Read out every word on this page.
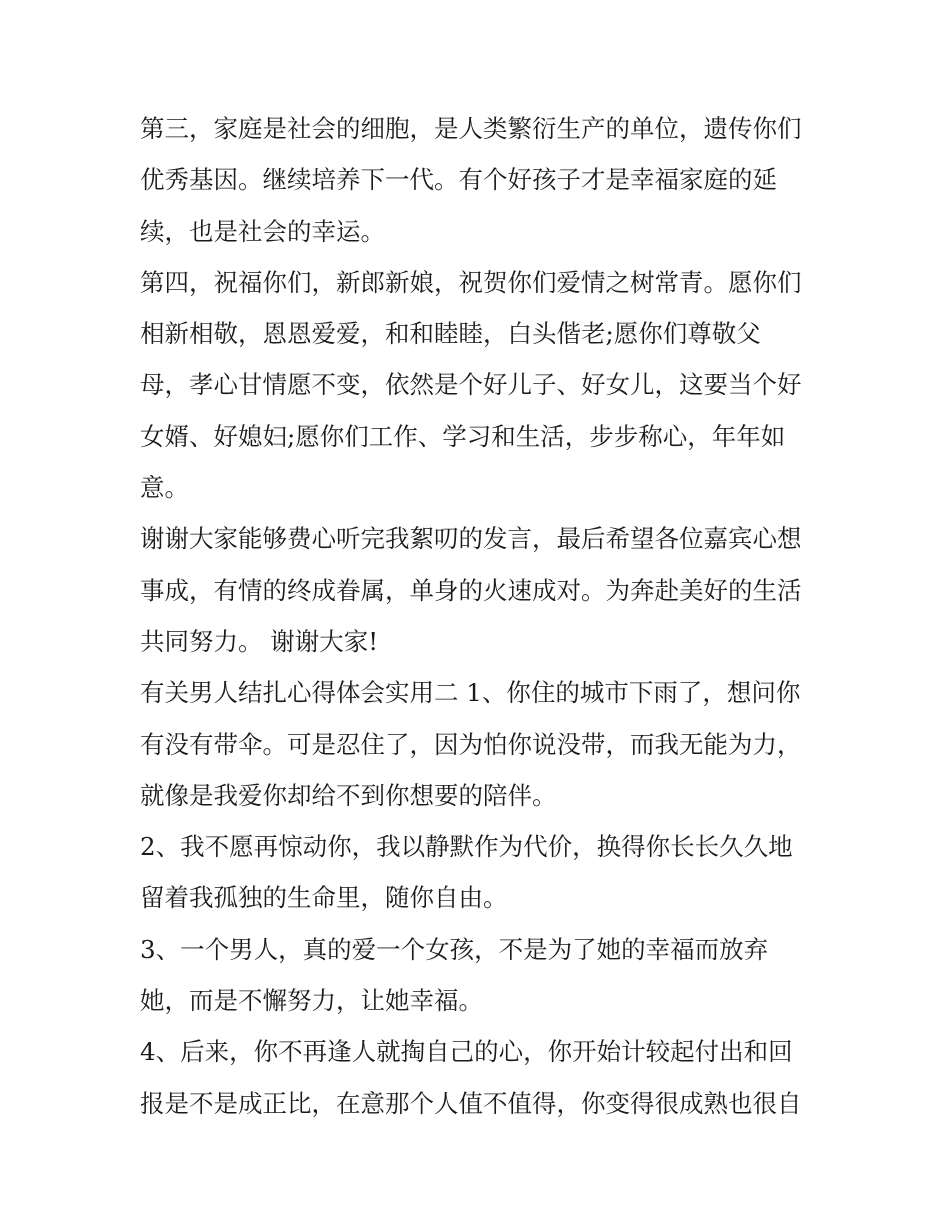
第三，家庭是社会的细胞，是人类繁衍生产的单位，遗传你们
优秀基因。继续培养下一代。有个好孩子才是幸福家庭的延
续，也是社会的幸运。

第四，祝福你们，新郎新娘，祝贺你们爱情之树常青。愿你们
相新相敬，恩恩爱爱，和和睦睦，白头偕老;愿你们尊敬父
母，孝心甘情愿不变，依然是个好儿子、好女儿，这要当个好
女婿、好媳妇;愿你们工作、学习和生活，步步称心，年年如
意。

谢谢大家能够费心听完我絮叨的发言，最后希望各位嘉宾心想
事成，有情的终成眷属，单身的火速成对。为奔赴美好的生活
共同努力。 谢谢大家!

有关男人结扎心得体会实用二 1、你住的城市下雨了，想问你
有没有带伞。可是忍住了，因为怕你说没带，而我无能为力，
就像是我爱你却给不到你想要的陪伴。

2、我不愿再惊动你，我以静默作为代价，换得你长长久久地
留着我孤独的生命里，随你自由。

3、一个男人，真的爱一个女孩，不是为了她的幸福而放弃
她，而是不懈努力，让她幸福。

4、后来，你不再逢人就掏自己的心，你开始计较起付出和回
报是不是成正比，在意那个人值不值得，你变得很成熟也很自
